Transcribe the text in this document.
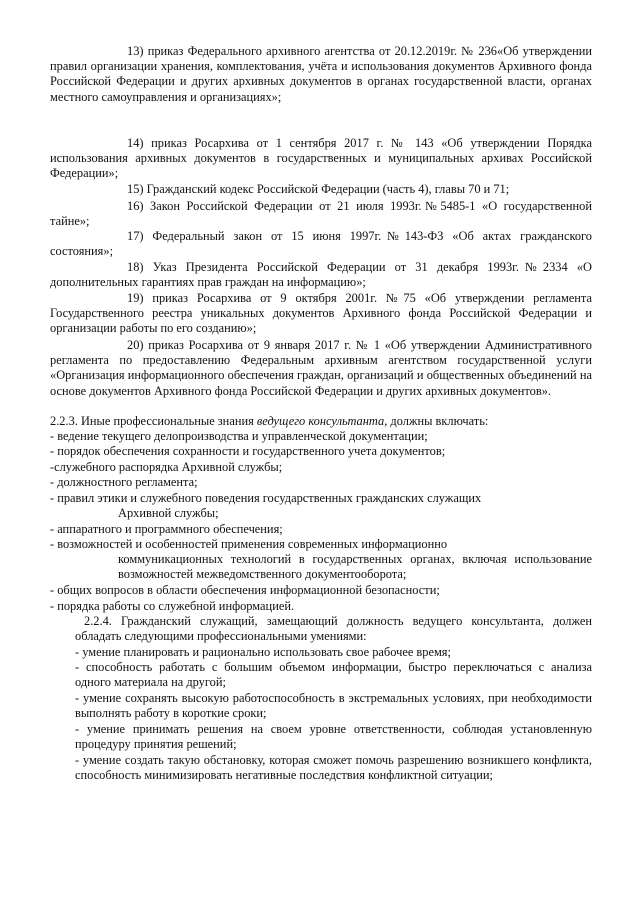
13) приказ Федерального архивного агентства от 20.12.2019г. № 236«Об утверждении правил организации хранения, комплектования, учёта и использования документов Архивного фонда Российской Федерации и других архивных документов в органах государственной власти, органах местного самоуправления и организациях»;

14) приказ Росархива от 1 сентября 2017 г. № 143 «Об утверждении Порядка использования архивных документов в государственных и муниципальных архивах Российской Федерации»;

15) Гражданский кодекс Российской Федерации (часть 4), главы 70 и 71;

16) Закон Российской Федерации от 21 июля 1993г.№5485-1 «О государственной тайне»;

17) Федеральный закон от 15 июня 1997г.№143-ФЗ «Об актах гражданского состояния»;

18) Указ Президента Российской Федерации от 31 декабря 1993г.№2334 «О дополнительных гарантиях прав граждан на информацию»;

19) приказ Росархива от 9 октября 2001г. №75 «Об утверждении регламента Государственного реестра уникальных документов Архивного фонда Российской Федерации и организации работы по его созданию»;

20) приказ Росархива от 9 января 2017 г. № 1 «Об утверждении Административного регламента по предоставлению Федеральным архивным агентством государственной услуги «Организация информационного обеспечения граждан, организаций и общественных объединений на основе документов Архивного фонда Российской Федерации и других архивных документов».

2.2.3. Иные профессиональные знания ведущего консультанта, должны включать:

- ведение текущего делопроизводства и управленческой документации;

- порядок обеспечения сохранности и государственного учета документов;

-служебного распорядка Архивной службы;

- должностного регламента;

- правил этики и служебного поведения государственных гражданских служащих
Архивной службы;

- аппаратного и программного обеспечения;

- возможностей и особенностей применения современных информационно
коммуникационных технологий в государственных органах, включая использование возможностей межведомственного документооборота;

- общих вопросов в области обеспечения информационной безопасности;

- порядка работы со служебной информацией.

2.2.4. Гражданский служащий, замещающий должность ведущего консультанта, должен обладать следующими профессиональными умениями:

- умение планировать и рационально использовать свое рабочее время;

- способность работать с большим объемом информации, быстро переключаться с анализа одного материала на другой;

- умение сохранять высокую работоспособность в экстремальных условиях, при необходимости выполнять работу в короткие сроки;

- умение принимать решения на своем уровне ответственности, соблюдая установленную процедуру принятия решений;

- умение создать такую обстановку, которая сможет помочь разрешению возникшего конфликта, способность минимизировать негативные последствия конфликтной ситуации;
